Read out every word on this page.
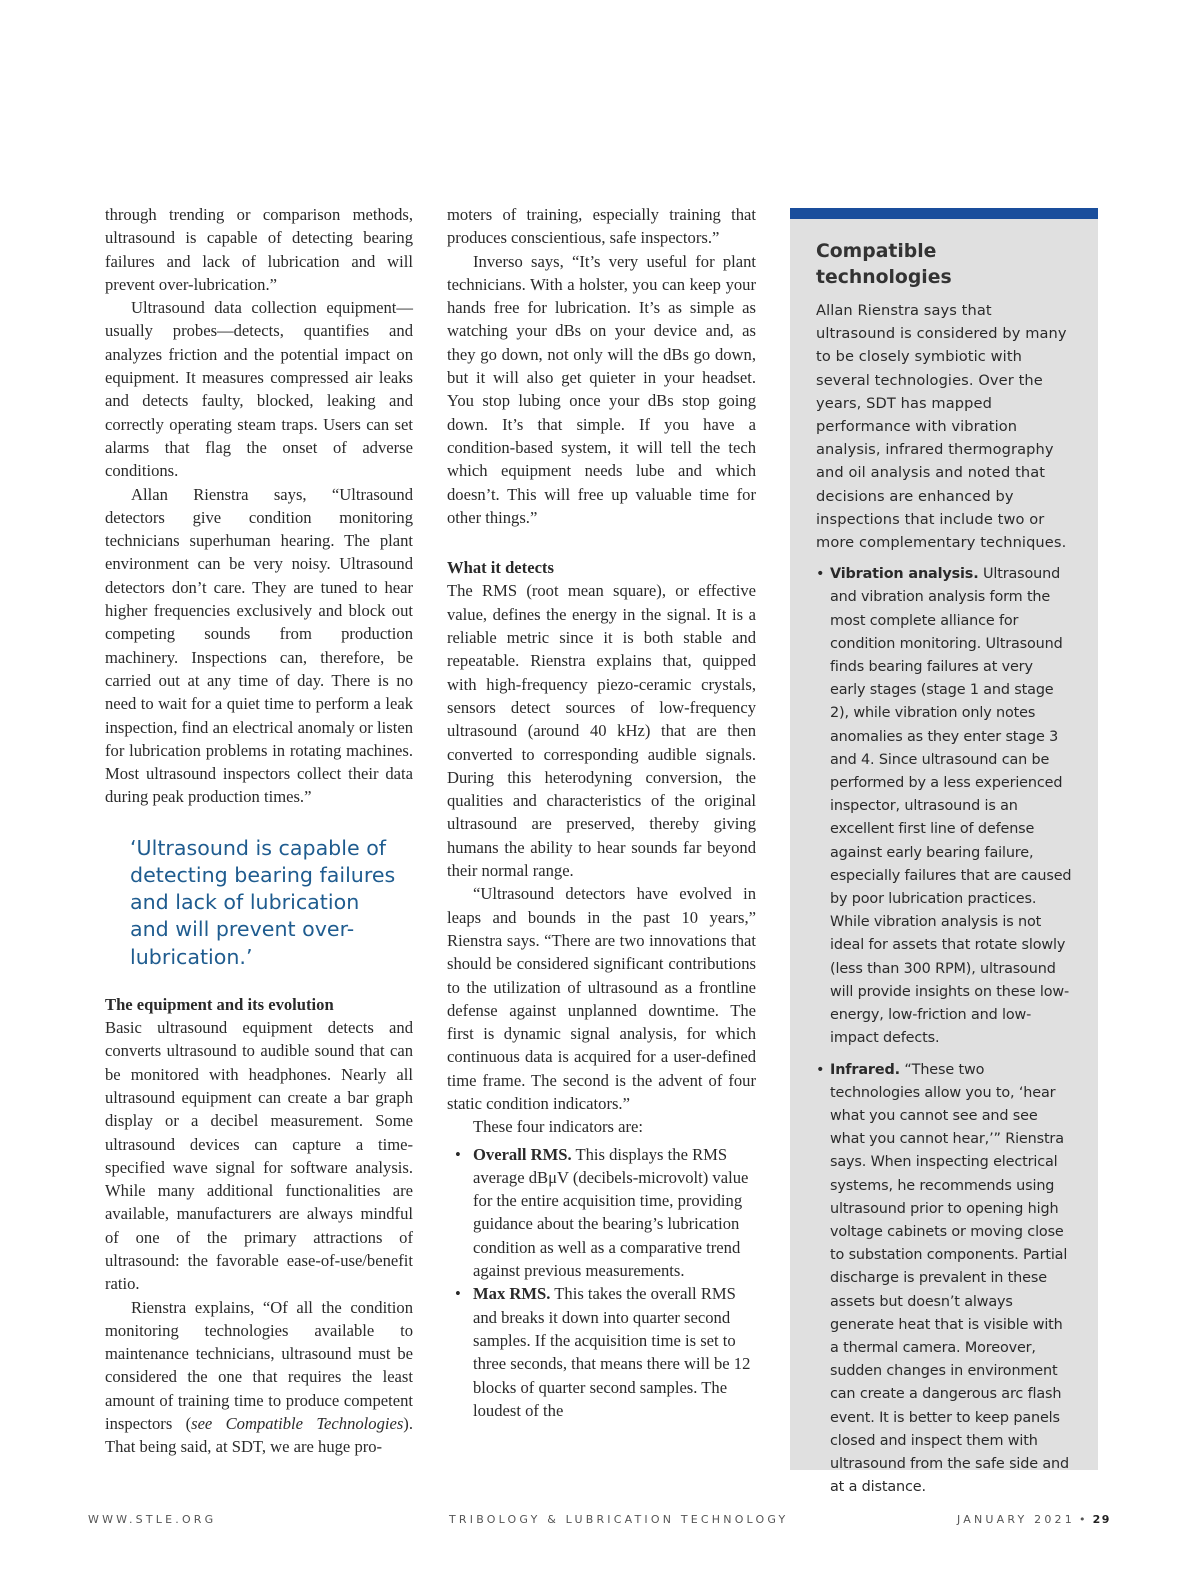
through trending or comparison methods, ultrasound is capable of detecting bearing failures and lack of lubrication and will prevent over-lubrication.”

Ultrasound data collection equipment—usually probes—detects, quantifies and analyzes friction and the potential impact on equipment. It measures compressed air leaks and detects faulty, blocked, leaking and correctly operating steam traps. Users can set alarms that flag the onset of adverse conditions.

Allan Rienstra says, “Ultrasound detectors give condition monitoring technicians superhuman hearing. The plant environment can be very noisy. Ultrasound detectors don’t care. They are tuned to hear higher frequencies exclusively and block out competing sounds from production machinery. Inspections can, therefore, be carried out at any time of day. There is no need to wait for a quiet time to perform a leak inspection, find an electrical anomaly or listen for lubrication problems in rotating machines. Most ultrasound inspectors collect their data during peak production times.”

‘Ultrasound is capable of detecting bearing failures and lack of lubrication and will prevent over-lubrication.’

The equipment and its evolution

Basic ultrasound equipment detects and converts ultrasound to audible sound that can be monitored with headphones. Nearly all ultrasound equipment can create a bar graph display or a decibel measurement. Some ultrasound devices can capture a time-specified wave signal for software analysis. While many additional functionalities are available, manufacturers are always mindful of one of the primary attractions of ultrasound: the favorable ease-of-use/benefit ratio.

Rienstra explains, “Of all the condition monitoring technologies available to maintenance technicians, ultrasound must be considered the one that requires the least amount of training time to produce competent inspectors (see Compatible Technologies). That being said, at SDT, we are huge pro-

moters of training, especially training that produces conscientious, safe inspectors.”

Inverso says, “It’s very useful for plant technicians. With a holster, you can keep your hands free for lubrication. It’s as simple as watching your dBs on your device and, as they go down, not only will the dBs go down, but it will also get quieter in your headset. You stop lubing once your dBs stop going down. It’s that simple. If you have a condition-based system, it will tell the tech which equipment needs lube and which doesn’t. This will free up valuable time for other things.”

What it detects

The RMS (root mean square), or effective value, defines the energy in the signal. It is a reliable metric since it is both stable and repeatable. Rienstra explains that, quipped with high-frequency piezo-ceramic crystals, sensors detect sources of low-frequency ultrasound (around 40 kHz) that are then converted to corresponding audible signals. During this heterodyning conversion, the qualities and characteristics of the original ultrasound are preserved, thereby giving humans the ability to hear sounds far beyond their normal range.

“Ultrasound detectors have evolved in leaps and bounds in the past 10 years,” Rienstra says. “There are two innovations that should be considered significant contributions to the utilization of ultrasound as a frontline defense against unplanned downtime. The first is dynamic signal analysis, for which continuous data is acquired for a user-defined time frame. The second is the advent of four static condition indicators.”

These four indicators are:

• Overall RMS. This displays the RMS average dBμV (decibels-microvolt) value for the entire acquisition time, providing guidance about the bearing’s lubrication condition as well as a comparative trend against previous measurements.
• Max RMS. This takes the overall RMS and breaks it down into quarter second samples. If the acquisition time is set to three seconds, that means there will be 12 blocks of quarter second samples. The loudest of the
Compatible technologies

Allan Rienstra says that ultrasound is considered by many to be closely symbiotic with several technologies. Over the years, SDT has mapped performance with vibration analysis, infrared thermography and oil analysis and noted that decisions are enhanced by inspections that include two or more complementary techniques.

• Vibration analysis. Ultrasound and vibration analysis form the most complete alliance for condition monitoring. Ultrasound finds bearing failures at very early stages (stage 1 and stage 2), while vibration only notes anomalies as they enter stage 3 and 4. Since ultrasound can be performed by a less experienced inspector, ultrasound is an excellent first line of defense against early bearing failure, especially failures that are caused by poor lubrication practices. While vibration analysis is not ideal for assets that rotate slowly (less than 300 RPM), ultrasound will provide insights on these low-energy, low-friction and low-impact defects.
• Infrared. “These two technologies allow you to, ‘hear what you cannot see and see what you cannot hear,’” Rienstra says. When inspecting electrical systems, he recommends using ultrasound prior to opening high voltage cabinets or moving close to substation components. Partial discharge is prevalent in these assets but doesn’t always generate heat that is visible with a thermal camera. Moreover, sudden changes in environment can create a dangerous arc flash event. It is better to keep panels closed and inspect them with ultrasound from the safe side and at a distance.
WWW.STLE.ORG	TRIBOLOGY & LUBRICATION TECHNOLOGY	JANUARY 2021 • 29
